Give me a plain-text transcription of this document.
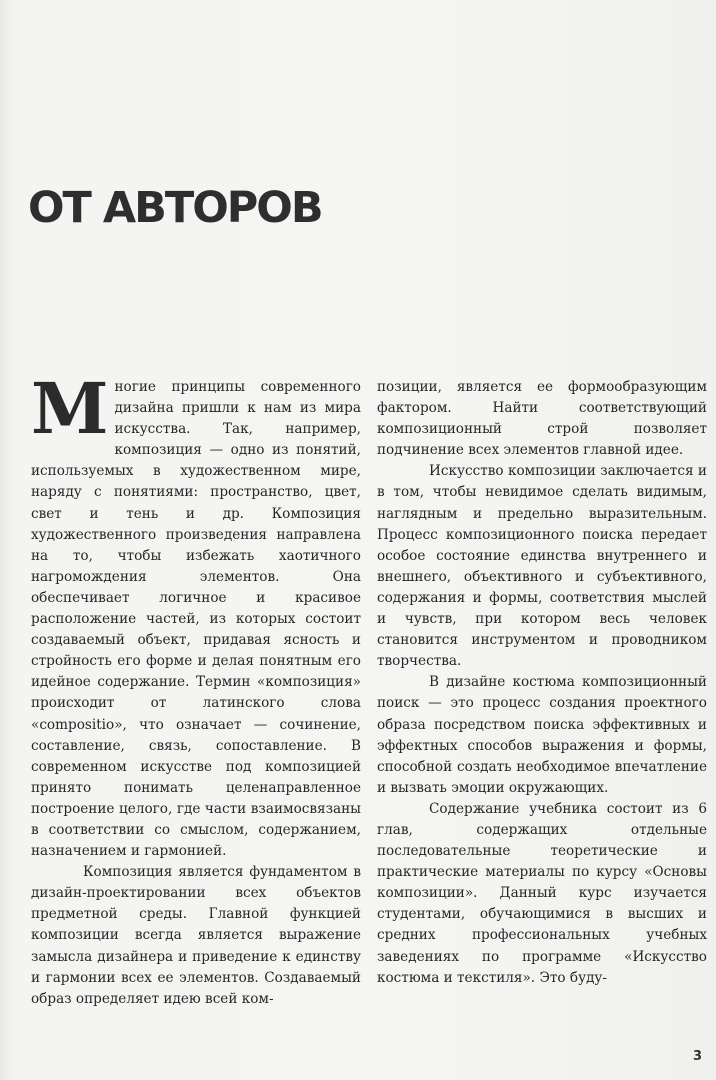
ОТ АВТОРОВ

Многие принципы современного дизайна пришли к нам из мира искусства. Так, например, композиция — одно из понятий, используемых в художественном мире, наряду с понятиями: пространство, цвет, свет и тень и др. Композиция художественного произведения направлена на то, чтобы избежать хаотичного нагромождения элементов. Она обеспечивает логичное и красивое расположение частей, из которых состоит создаваемый объект, придавая ясность и стройность его форме и делая понятным его идейное содержание. Термин «композиция» происходит от латинского слова «compositio», что означает — сочинение, составление, связь, сопоставление. В современном искусстве под композицией принято понимать целенаправленное построение целого, где части взаимосвязаны в соответствии со смыслом, содержанием, назначением и гармонией.

Композиция является фундаментом в дизайн-проектировании всех объектов предметной среды. Главной функцией композиции всегда является выражение замысла дизайнера и приведение к единству и гармонии всех ее элементов. Создаваемый образ определяет идею всей ком-

позиции, является ее формообразующим фактором. Найти соответствующий композиционный строй позволяет подчинение всех элементов главной идее.

Искусство композиции заключается и в том, чтобы невидимое сделать видимым, наглядным и предельно выразительным. Процесс композиционного поиска передает особое состояние единства внутреннего и внешнего, объективного и субъективного, содержания и формы, соответствия мыслей и чувств, при котором весь человек становится инструментом и проводником творчества.

В дизайне костюма композиционный поиск — это процесс создания проектного образа посредством поиска эффективных и эффектных способов выражения и формы, способной создать необходимое впечатление и вызвать эмоции окружающих.

Содержание учебника состоит из 6 глав, содержащих отдельные последовательные теоретические и практические материалы по курсу «Основы композиции». Данный курс изучается студентами, обучающимися в высших и средних профессиональных учебных заведениях по программе «Искусство костюма и текстиля». Это буду-

3
